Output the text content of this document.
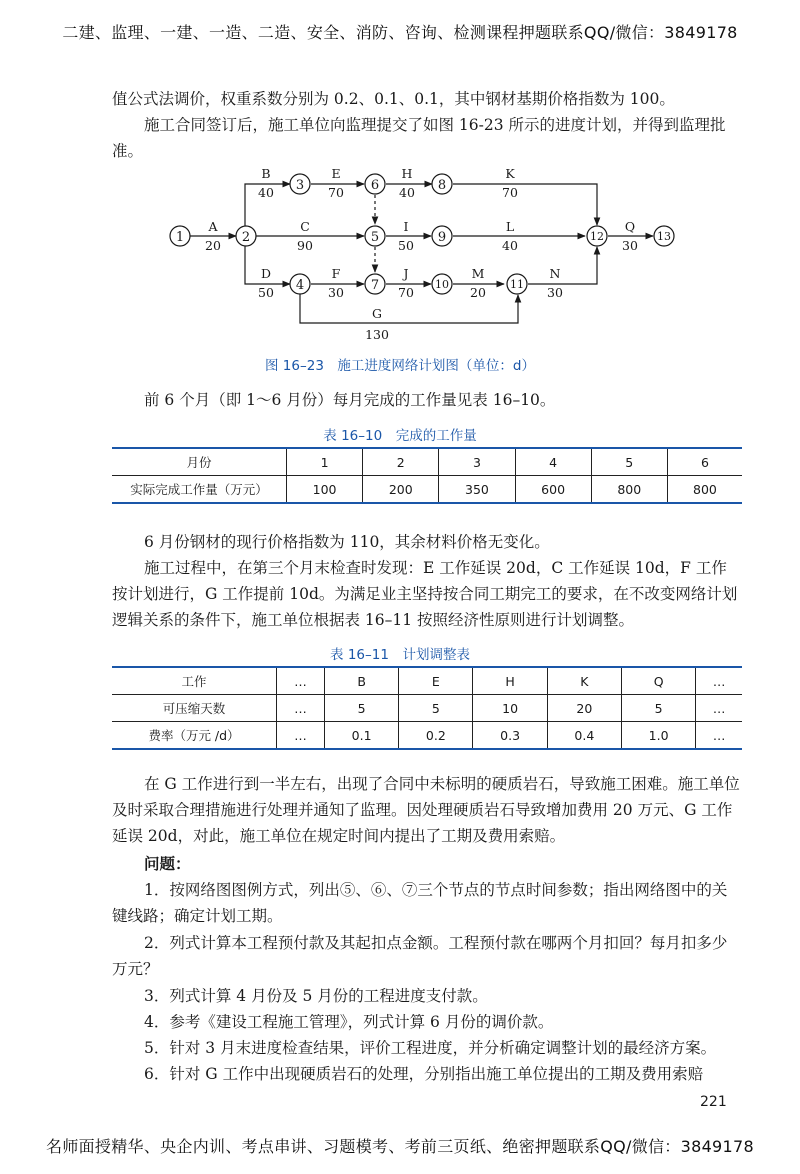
二建、监理、一建、一造、二造、安全、消防、咨询、检测课程押题联系QQ/微信：3849178

值公式法调价，权重系数分别为 0.2、0.1、0.1，其中钢材基期价格指数为 100。

施工合同签订后，施工单位向监理提交了如图 16-23 所示的进度计划，并得到监理批准。

1	2
3
4
5
6
7
8
9
10	11
12	13
A
20
B
40
C
90
D
50
E
70
H
40
K
70
I
50
L
40
F
30
J
70
M
20
N
30
Q
30
G
130
图 16–23　施工进度网络计划图（单位：d）

前 6 个月（即 1～6 月份）每月完成的工作量见表 16–10。

表 16–10　完成的工作量
月份	1	2	3	4	5	6
实际完成工作量（万元）	100	200	350	600	800	800

6 月份钢材的现行价格指数为 110，其余材料价格无变化。

施工过程中，在第三个月末检查时发现：E 工作延误 20d，C 工作延误 10d，F 工作按计划进行，G 工作提前 10d。为满足业主坚持按合同工期完工的要求，在不改变网络计划逻辑关系的条件下，施工单位根据表 16–11 按照经济性原则进行计划调整。

表 16–11　计划调整表
工作	…	B	E	H	K	Q	…
可压缩天数	…	5	5	10	20	5	…
费率（万元 /d）	…	0.1	0.2	0.3	0.4	1.0	…

在 G 工作进行到一半左右，出现了合同中未标明的硬质岩石，导致施工困难。施工单位及时采取合理措施进行处理并通知了监理。因处理硬质岩石导致增加费用 20 万元、G 工作延误 20d，对此，施工单位在规定时间内提出了工期及费用索赔。

问题：

1．按网络图图例方式，列出⑤、⑥、⑦三个节点的节点时间参数；指出网络图中的关键线路；确定计划工期。

2．列式计算本工程预付款及其起扣点金额。工程预付款在哪两个月扣回？每月扣多少万元？

3．列式计算 4 月份及 5 月份的工程进度支付款。

4．参考《建设工程施工管理》，列式计算 6 月份的调价款。

5．针对 3 月末进度检查结果，评价工程进度，并分析确定调整计划的最经济方案。

6．针对 G 工作中出现硬质岩石的处理，分别指出施工单位提出的工期及费用索赔

221
名师面授精华、央企内训、考点串讲、习题模考、考前三页纸、绝密押题联系QQ/微信：3849178
